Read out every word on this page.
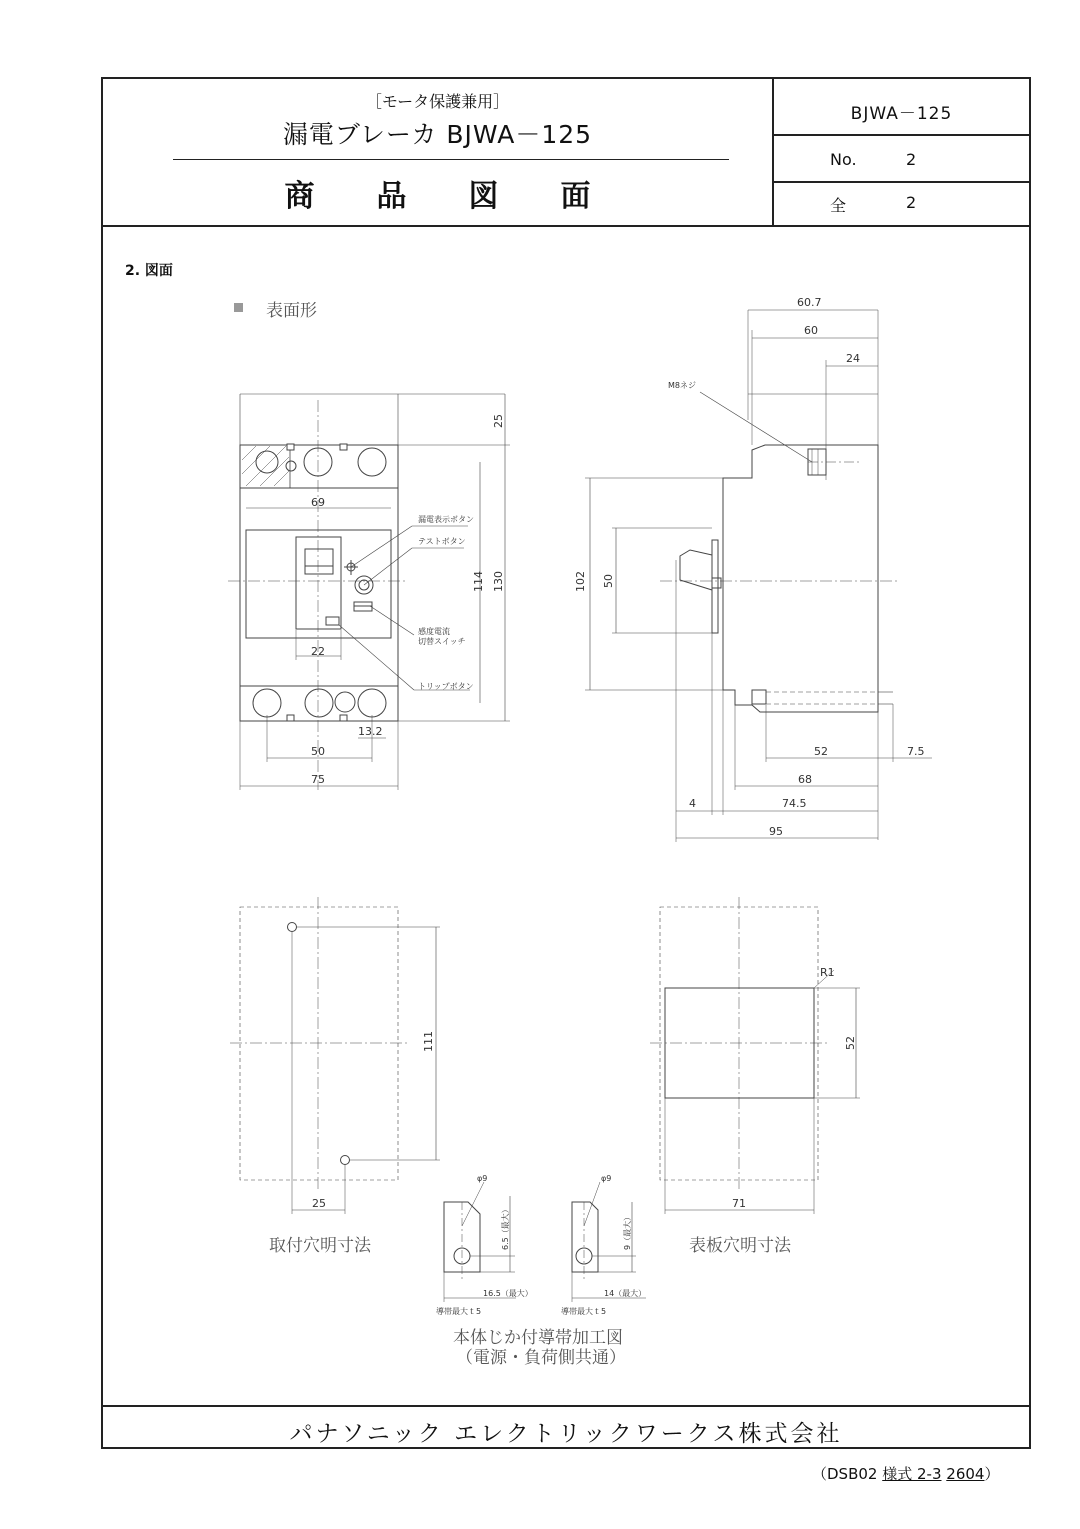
［モータ保護兼用］
漏電ブレーカ BJWA－125
商品図面
BJWA－125
No.	2
全	2
2. 図面
パナソニック エレクトリックワークス株式会社
表面形
69
22
13.2
50
75
25
114 130
漏電表示ボタン
テストボタン
感度電流
切替スイッチ
トリップボタン
60.7
60
24
M8ネジ
102 50
52	7.5
68
4	74.5
95
111
25
取付穴明寸法
R1
52
71
表板穴明寸法
φ9
6.5（最大）
16.5（最大）
導帯最大ｔ5
φ9
9（最大）
14（最大）
導帯最大ｔ5
本体じか付導帯加工図
（電源・負荷側共通）
（DSB02 様式 2-3 2604）
